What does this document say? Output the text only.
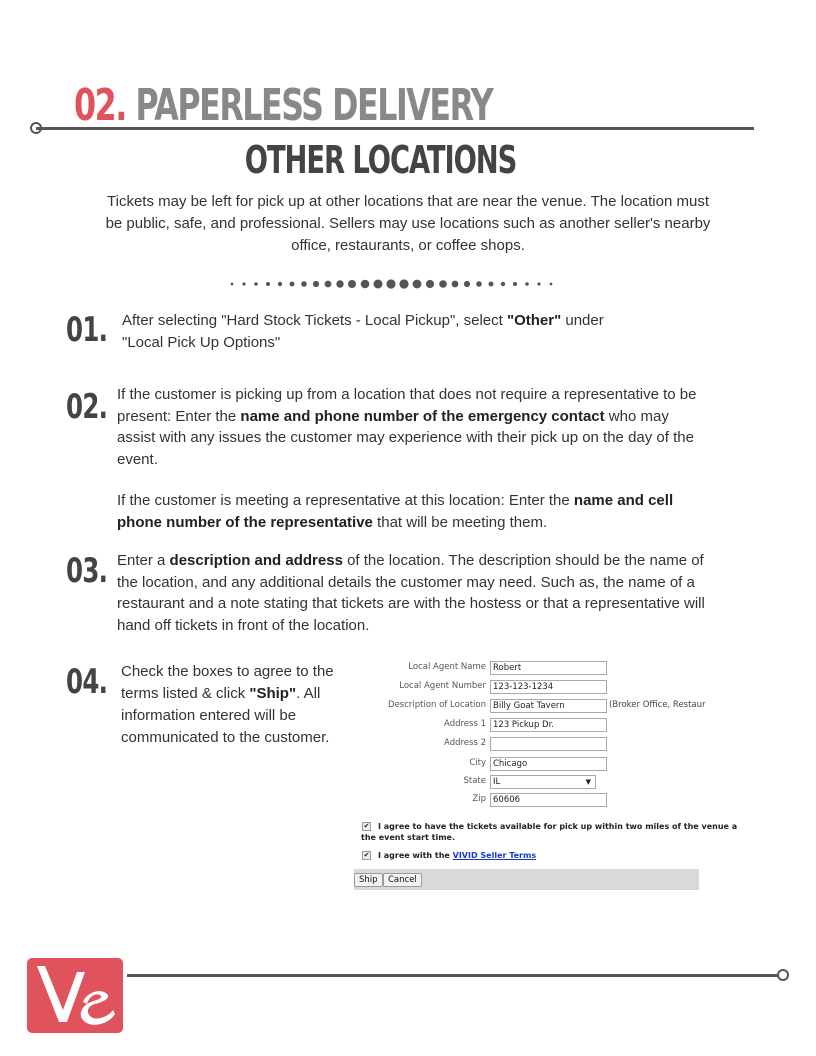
02. PAPERLESS DELIVERY
OTHER LOCATIONS
Tickets may be left for pick up at other locations that are near the venue. The location must be public, safe, and professional. Sellers may use locations such as another seller's nearby office, restaurants, or coffee shops.
01. After selecting "Hard Stock Tickets - Local Pickup", select "Other" under "Local Pick Up Options"
02. If the customer is picking up from a location that does not require a representative to be present: Enter the name and phone number of the emergency contact who may assist with any issues the customer may experience with their pick up on the day of the event.
If the customer is meeting a representative at this location: Enter the name and cell phone number of the representative that will be meeting them.
03. Enter a description and address of the location. The description should be the name of the location, and any additional details the customer may need. Such as, the name of a restaurant and a note stating that tickets are with the hostess or that a representative will hand off tickets in front of the location.
04. Check the boxes to agree to the terms listed & click "Ship". All information entered will be communicated to the customer.
Local Agent Name Robert
Local Agent Number 123-123-1234
Description of Location Billy Goat Tavern	(Broker Office, Restaur
Address 1 123 Pickup Dr.
Address 2
City Chicago
State IL	▼
Zip 60606
✔ I agree to have the tickets available for pick up within two miles of the venue a
the event start time.
✔ I agree with the VIVID Seller Terms
Ship	Cancel
